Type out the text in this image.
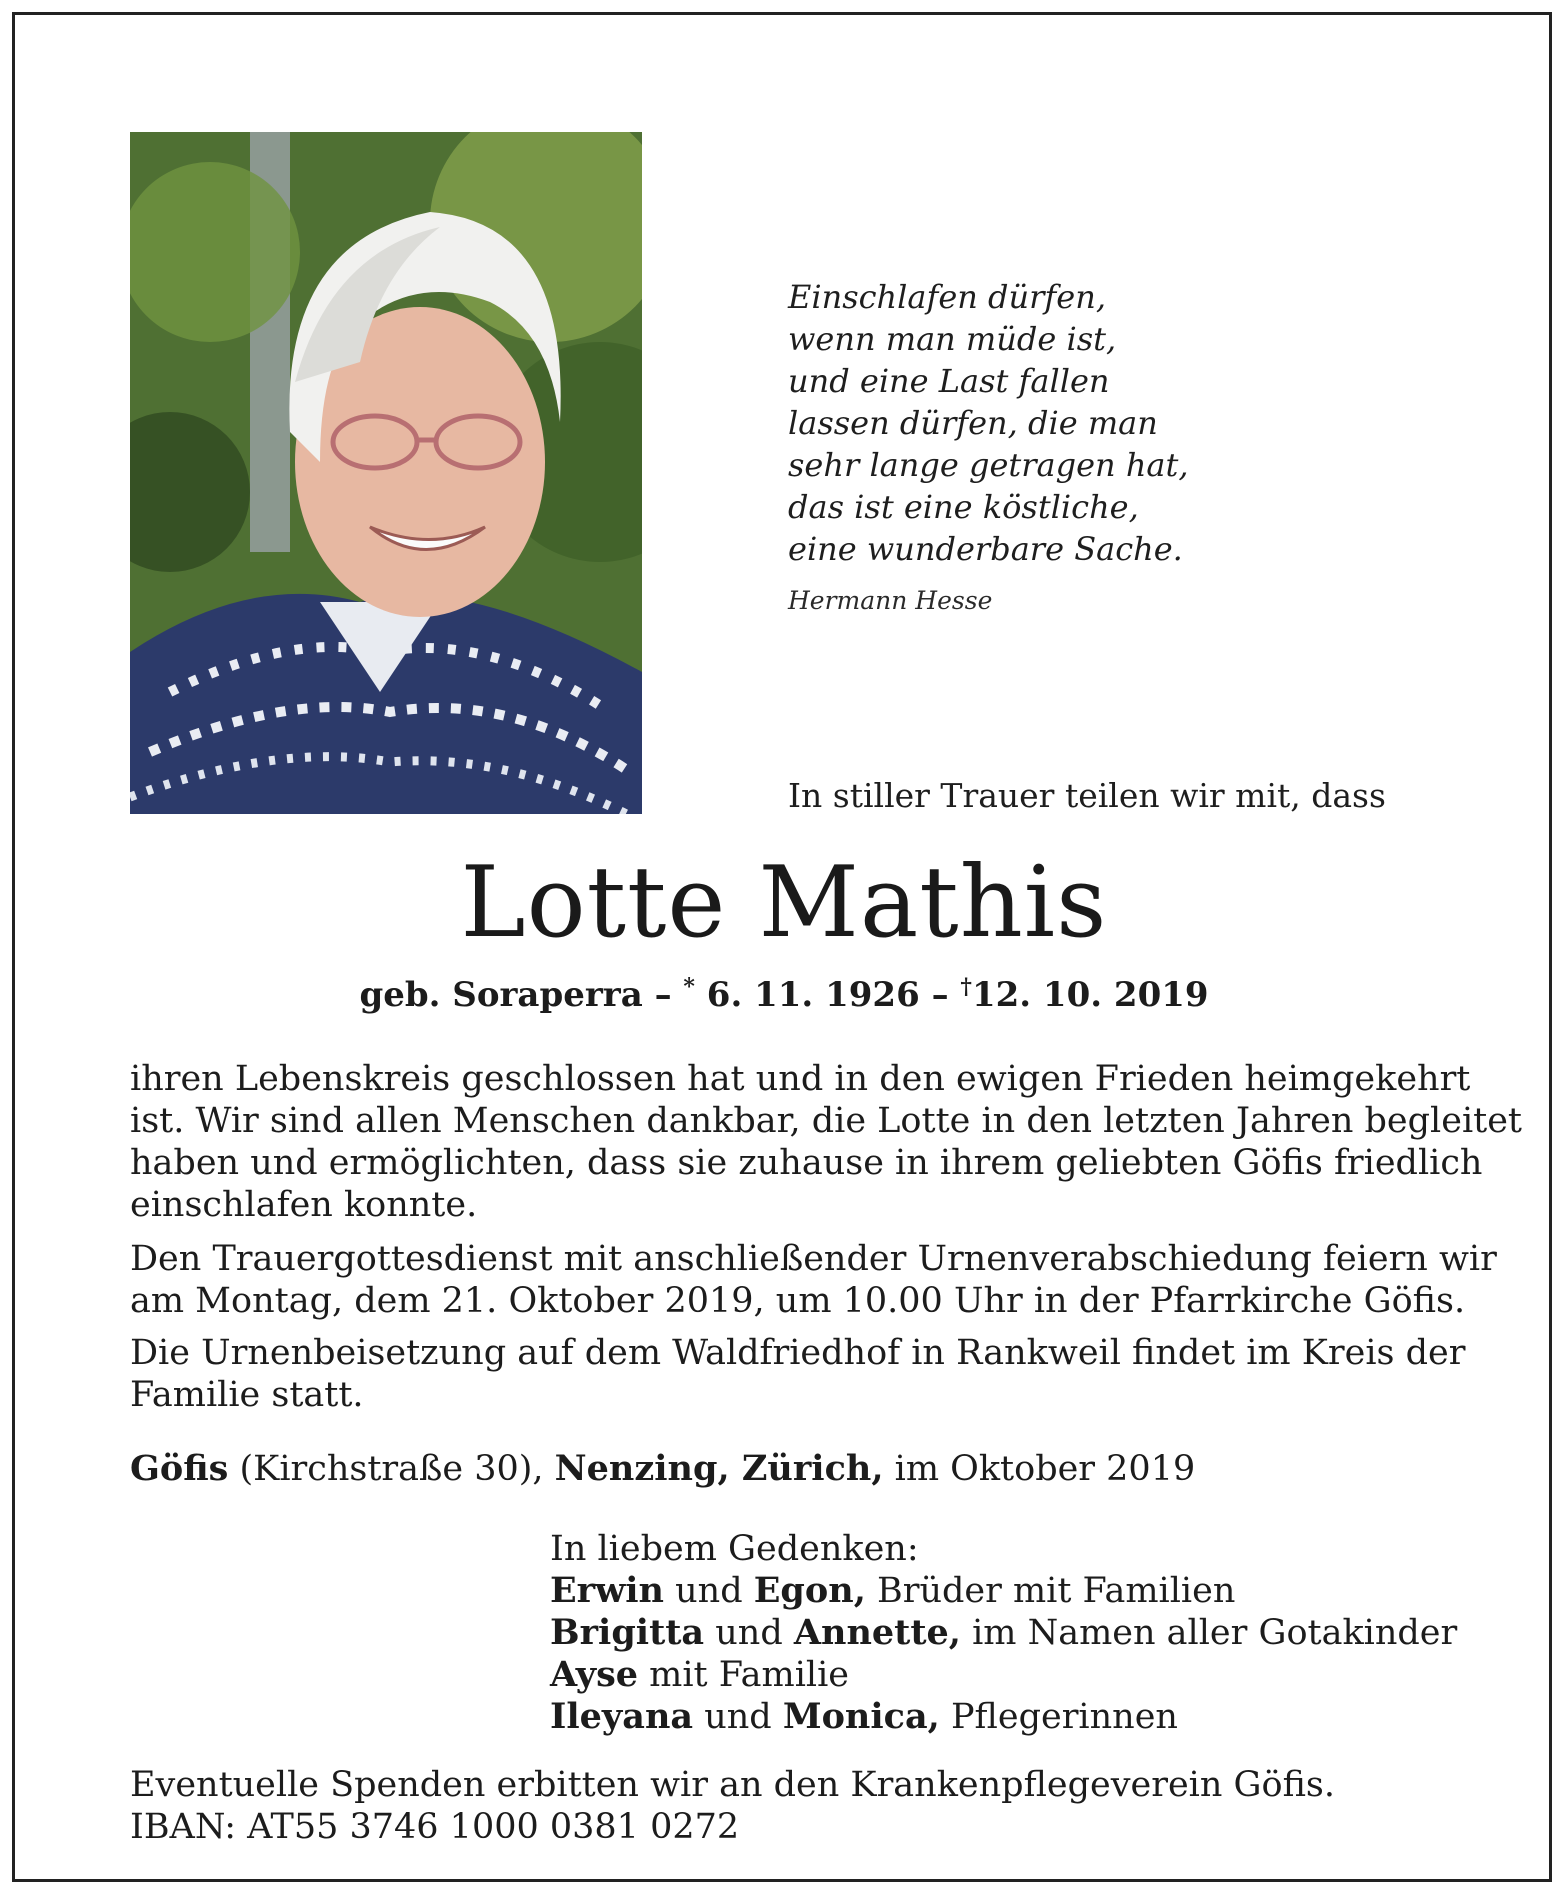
Einschlafen dürfen,
wenn man müde ist,
und eine Last fallen
lassen dürfen, die man
sehr lange getragen hat,
das ist eine köstliche,
eine wunderbare Sache.
Hermann Hesse
In stiller Trauer teilen wir mit, dass
Lotte Mathis
geb. Soraperra – * 6. 11. 1926 – †12. 10. 2019
ihren Lebenskreis geschlossen hat und in den ewigen Frieden heimgekehrt
ist. Wir sind allen Menschen dankbar, die Lotte in den letzten Jahren begleitet
haben und ermöglichten, dass sie zuhause in ihrem geliebten Göfis friedlich
einschlafen konnte.
Den Trauergottesdienst mit anschließender Urnenverabschiedung feiern wir
am Montag, dem 21. Oktober 2019, um 10.00 Uhr in der Pfarrkirche Göfis.
Die Urnenbeisetzung auf dem Waldfriedhof in Rankweil findet im Kreis der
Familie statt.
Göfis (Kirchstraße 30), Nenzing, Zürich, im Oktober 2019
In liebem Gedenken:
Erwin und Egon, Brüder mit Familien
Brigitta und Annette, im Namen aller Gotakinder
Ayse mit Familie
Ileyana und Monica, Pflegerinnen
Eventuelle Spenden erbitten wir an den Krankenpflegeverein Göfis.
IBAN: AT55 3746 1000 0381 0272
